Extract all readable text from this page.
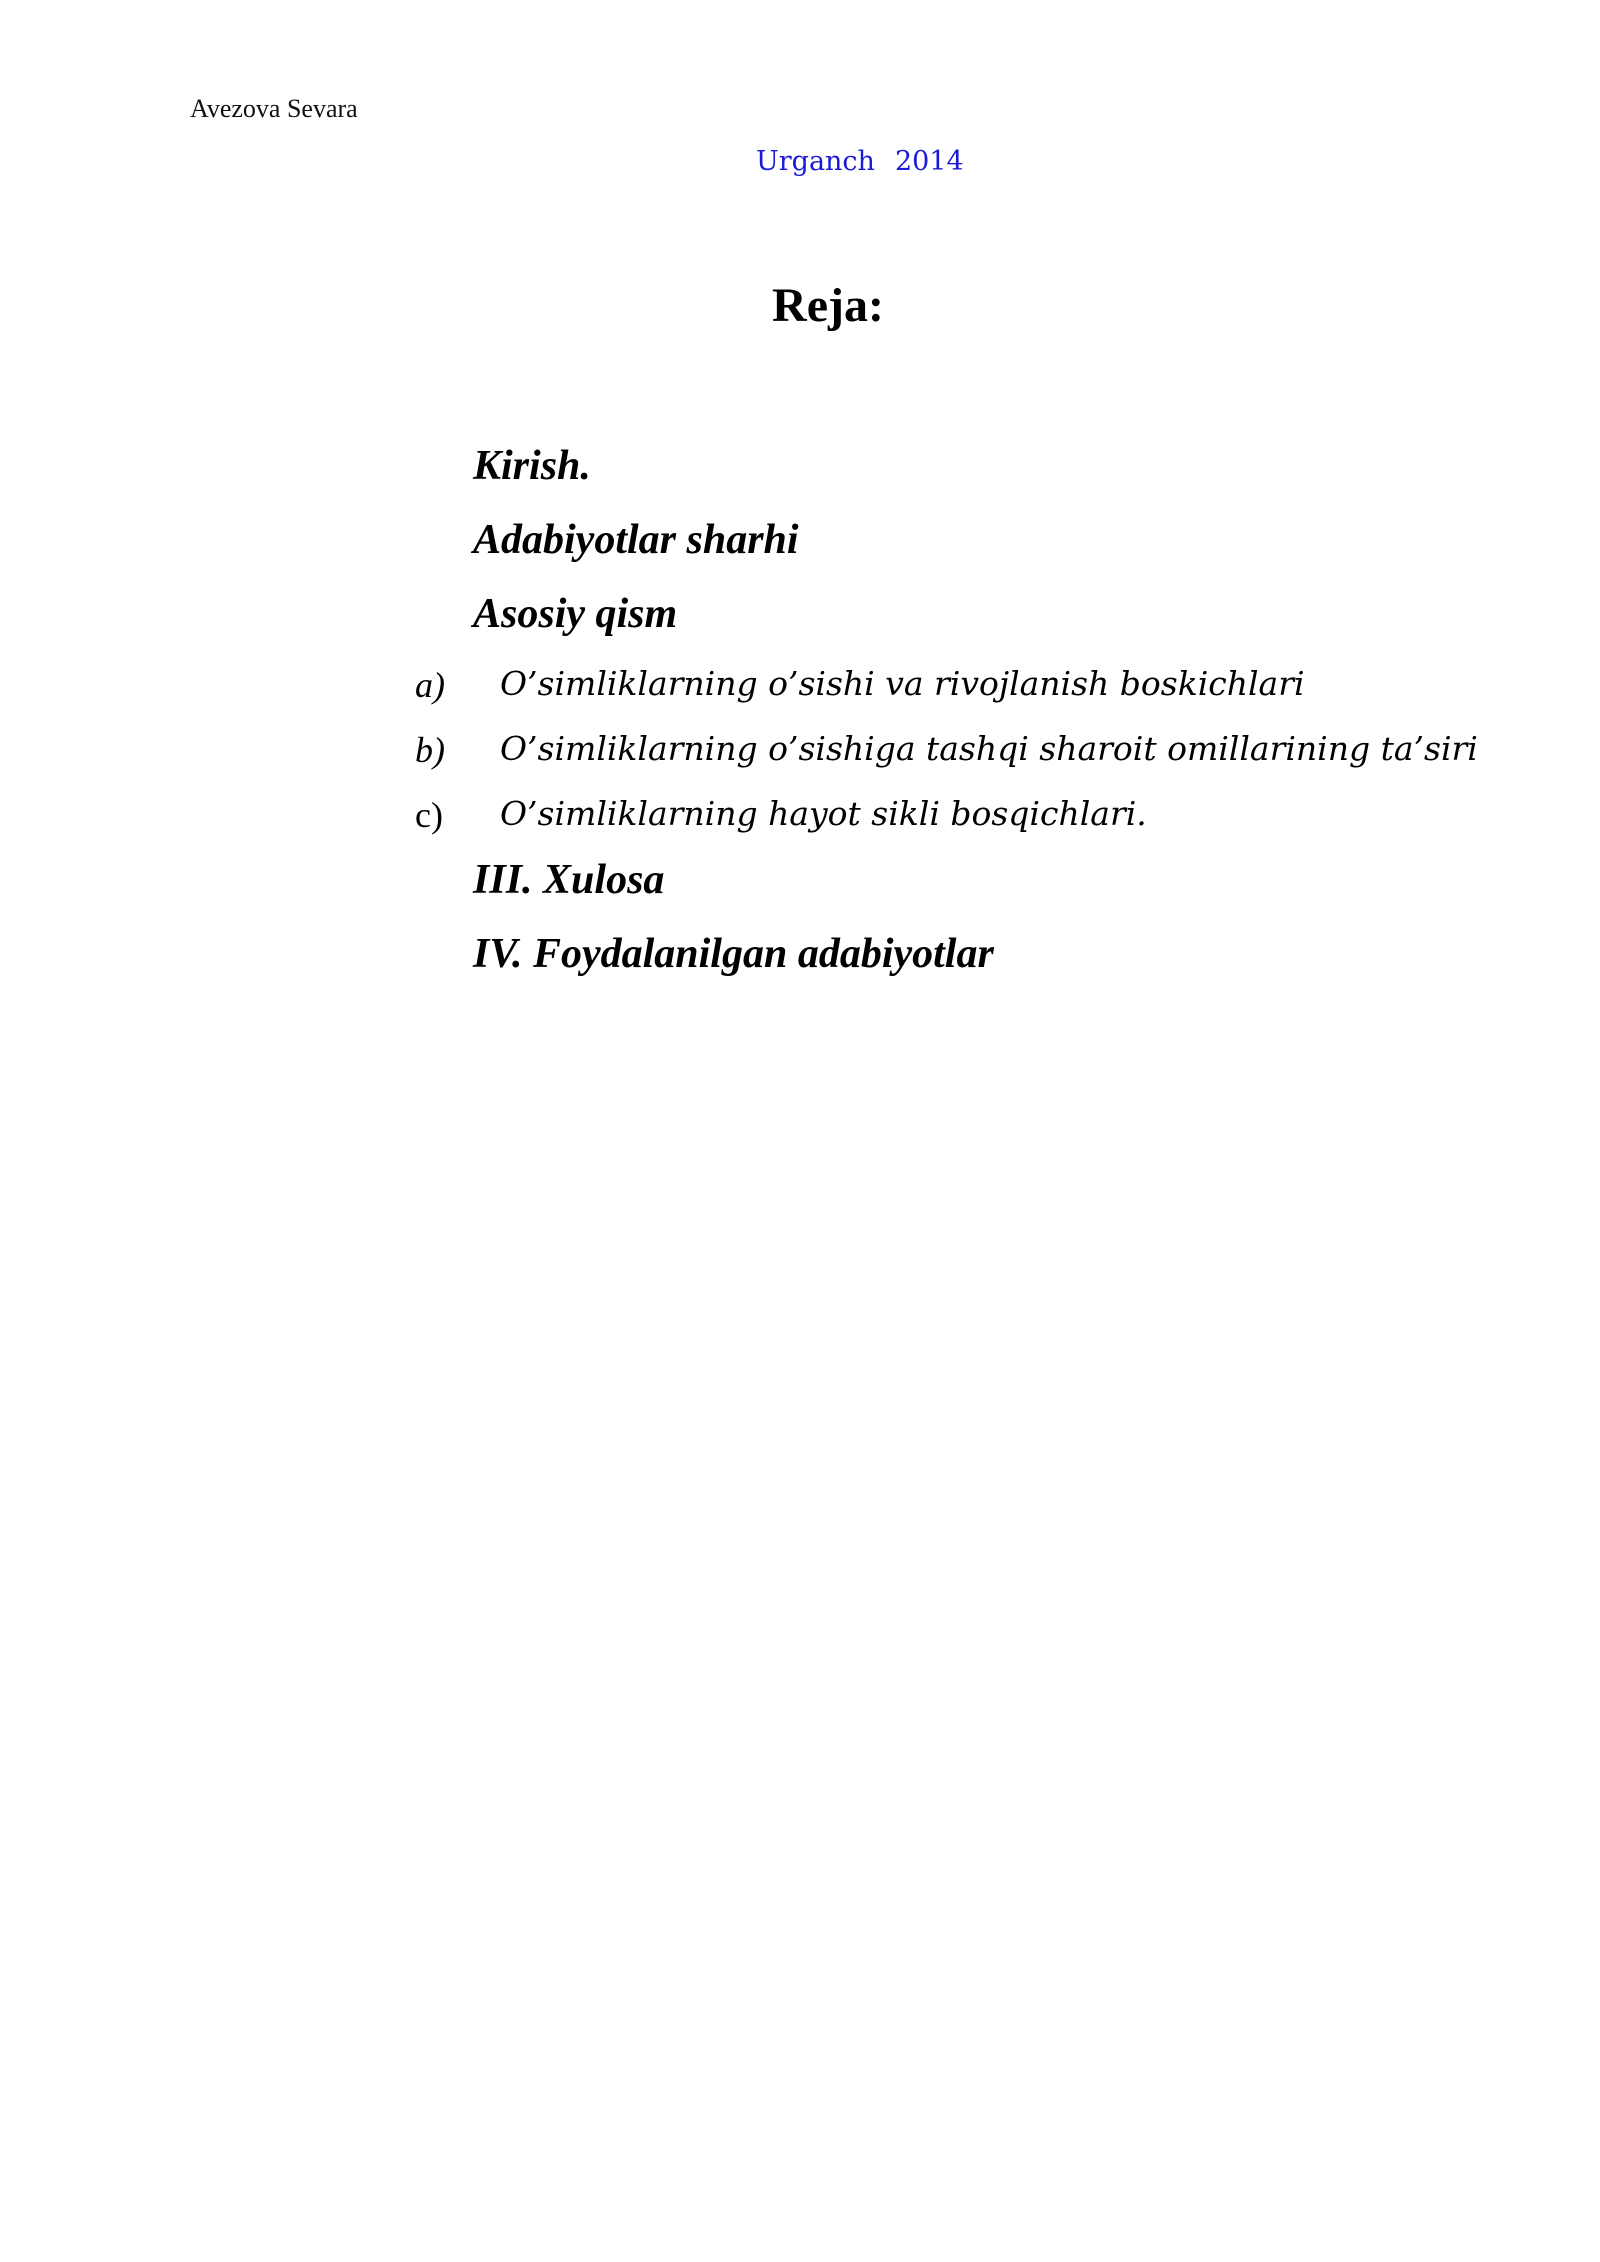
Avezova Sevara
Urganch 2014
Reja:
Kirish.
Adabiyotlar sharhi
Asosiy qism
a) O’simliklarning o’sishi va rivojlanish boskichlari
b) O’simliklarning o’sishiga tashqi sharoit omillarining ta’siri
c) O’simliklarning hayot sikli bosqichlari.
III. Xulosa
IV. Foydalanilgan adabiyotlar
